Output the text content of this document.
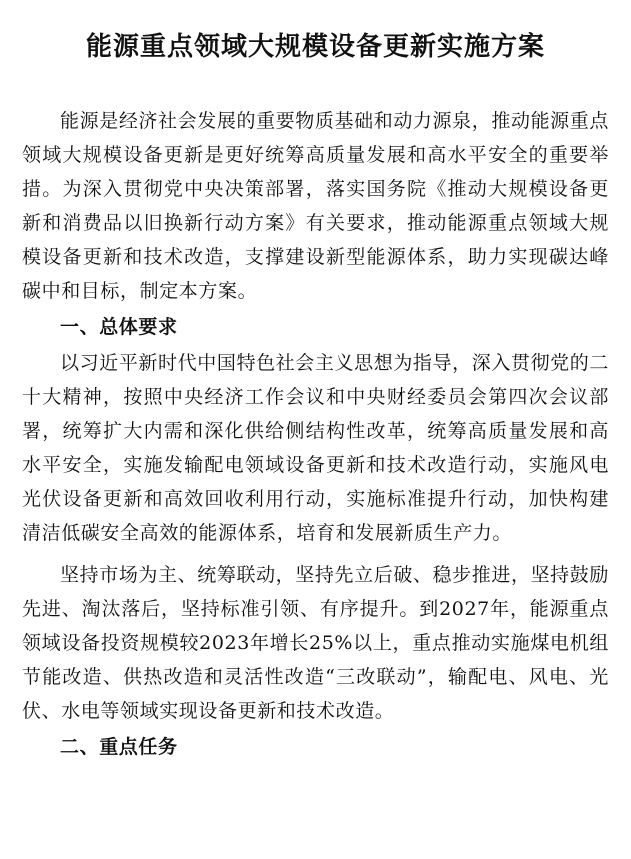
能源重点领域大规模设备更新实施方案

能源是经济社会发展的重要物质基础和动力源泉，推动能源重点领域大规模设备更新是更好统筹高质量发展和高水平安全的重要举措。为深入贯彻党中央决策部署，落实国务院《推动大规模设备更新和消费品以旧换新行动方案》有关要求，推动能源重点领域大规模设备更新和技术改造，支撑建设新型能源体系，助力实现碳达峰碳中和目标，制定本方案。

一、总体要求

以习近平新时代中国特色社会主义思想为指导，深入贯彻党的二十大精神，按照中央经济工作会议和中央财经委员会第四次会议部署，统筹扩大内需和深化供给侧结构性改革，统筹高质量发展和高水平安全，实施发输配电领域设备更新和技术改造行动，实施风电光伏设备更新和高效回收利用行动，实施标准提升行动，加快构建清洁低碳安全高效的能源体系，培育和发展新质生产力。

坚持市场为主、统筹联动，坚持先立后破、稳步推进，坚持鼓励先进、淘汰落后，坚持标准引领、有序提升。到2027年，能源重点领域设备投资规模较2023年增长25%以上，重点推动实施煤电机组节能改造、供热改造和灵活性改造“三改联动”，输配电、风电、光伏、水电等领域实现设备更新和技术改造。

二、重点任务
